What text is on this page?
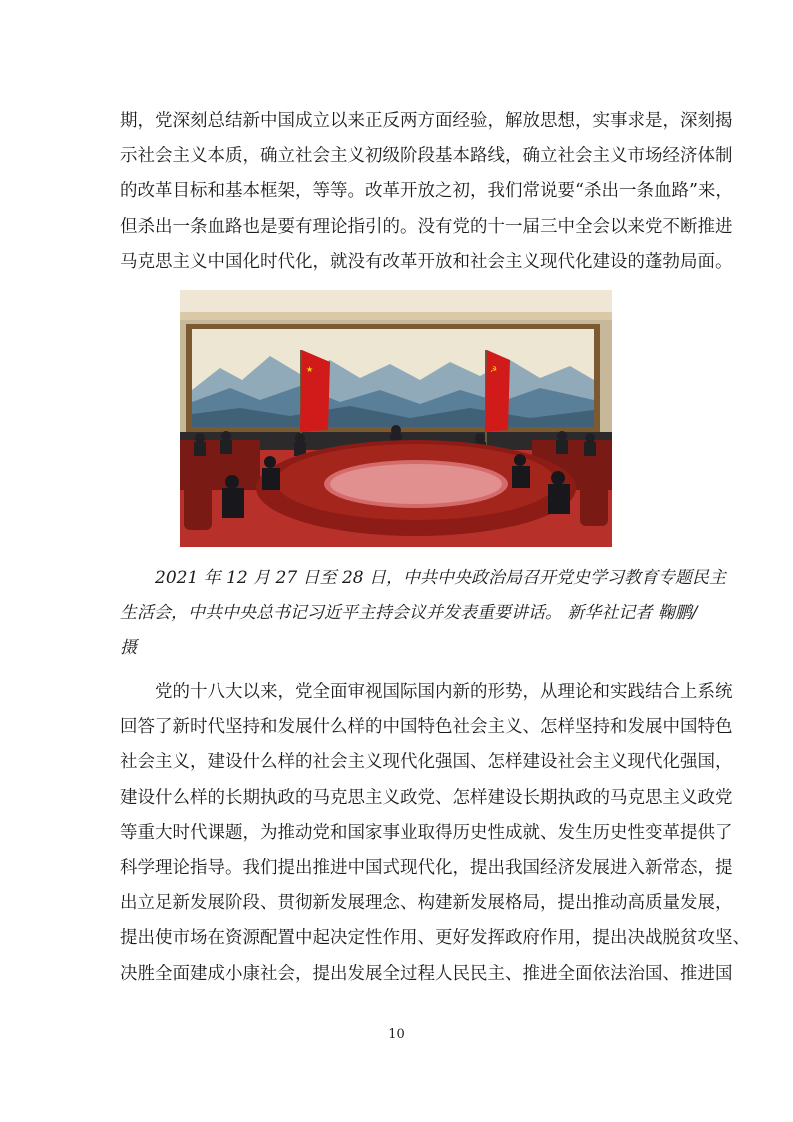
期，党深刻总结新中国成立以来正反两方面经验，解放思想，实事求是，深刻揭
示社会主义本质，确立社会主义初级阶段基本路线，确立社会主义市场经济体制
的改革目标和基本框架，等等。改革开放之初，我们常说要“杀出一条血路”来，
但杀出一条血路也是要有理论指引的。没有党的十一届三中全会以来党不断推进
马克思主义中国化时代化，就没有改革开放和社会主义现代化建设的蓬勃局面。
★	☭
2021 年 12 月 27 日至 28 日，中共中央政治局召开党史学习教育专题民主
生活会，中共中央总书记习近平主持会议并发表重要讲话。 新华社记者 鞠鹏/
摄
党的十八大以来，党全面审视国际国内新的形势，从理论和实践结合上系统
回答了新时代坚持和发展什么样的中国特色社会主义、怎样坚持和发展中国特色
社会主义，建设什么样的社会主义现代化强国、怎样建设社会主义现代化强国，
建设什么样的长期执政的马克思主义政党、怎样建设长期执政的马克思主义政党
等重大时代课题，为推动党和国家事业取得历史性成就、发生历史性变革提供了
科学理论指导。我们提出推进中国式现代化，提出我国经济发展进入新常态，提
出立足新发展阶段、贯彻新发展理念、构建新发展格局，提出推动高质量发展，
提出使市场在资源配置中起决定性作用、更好发挥政府作用，提出决战脱贫攻坚、
决胜全面建成小康社会，提出发展全过程人民民主、推进全面依法治国、推进国
10
